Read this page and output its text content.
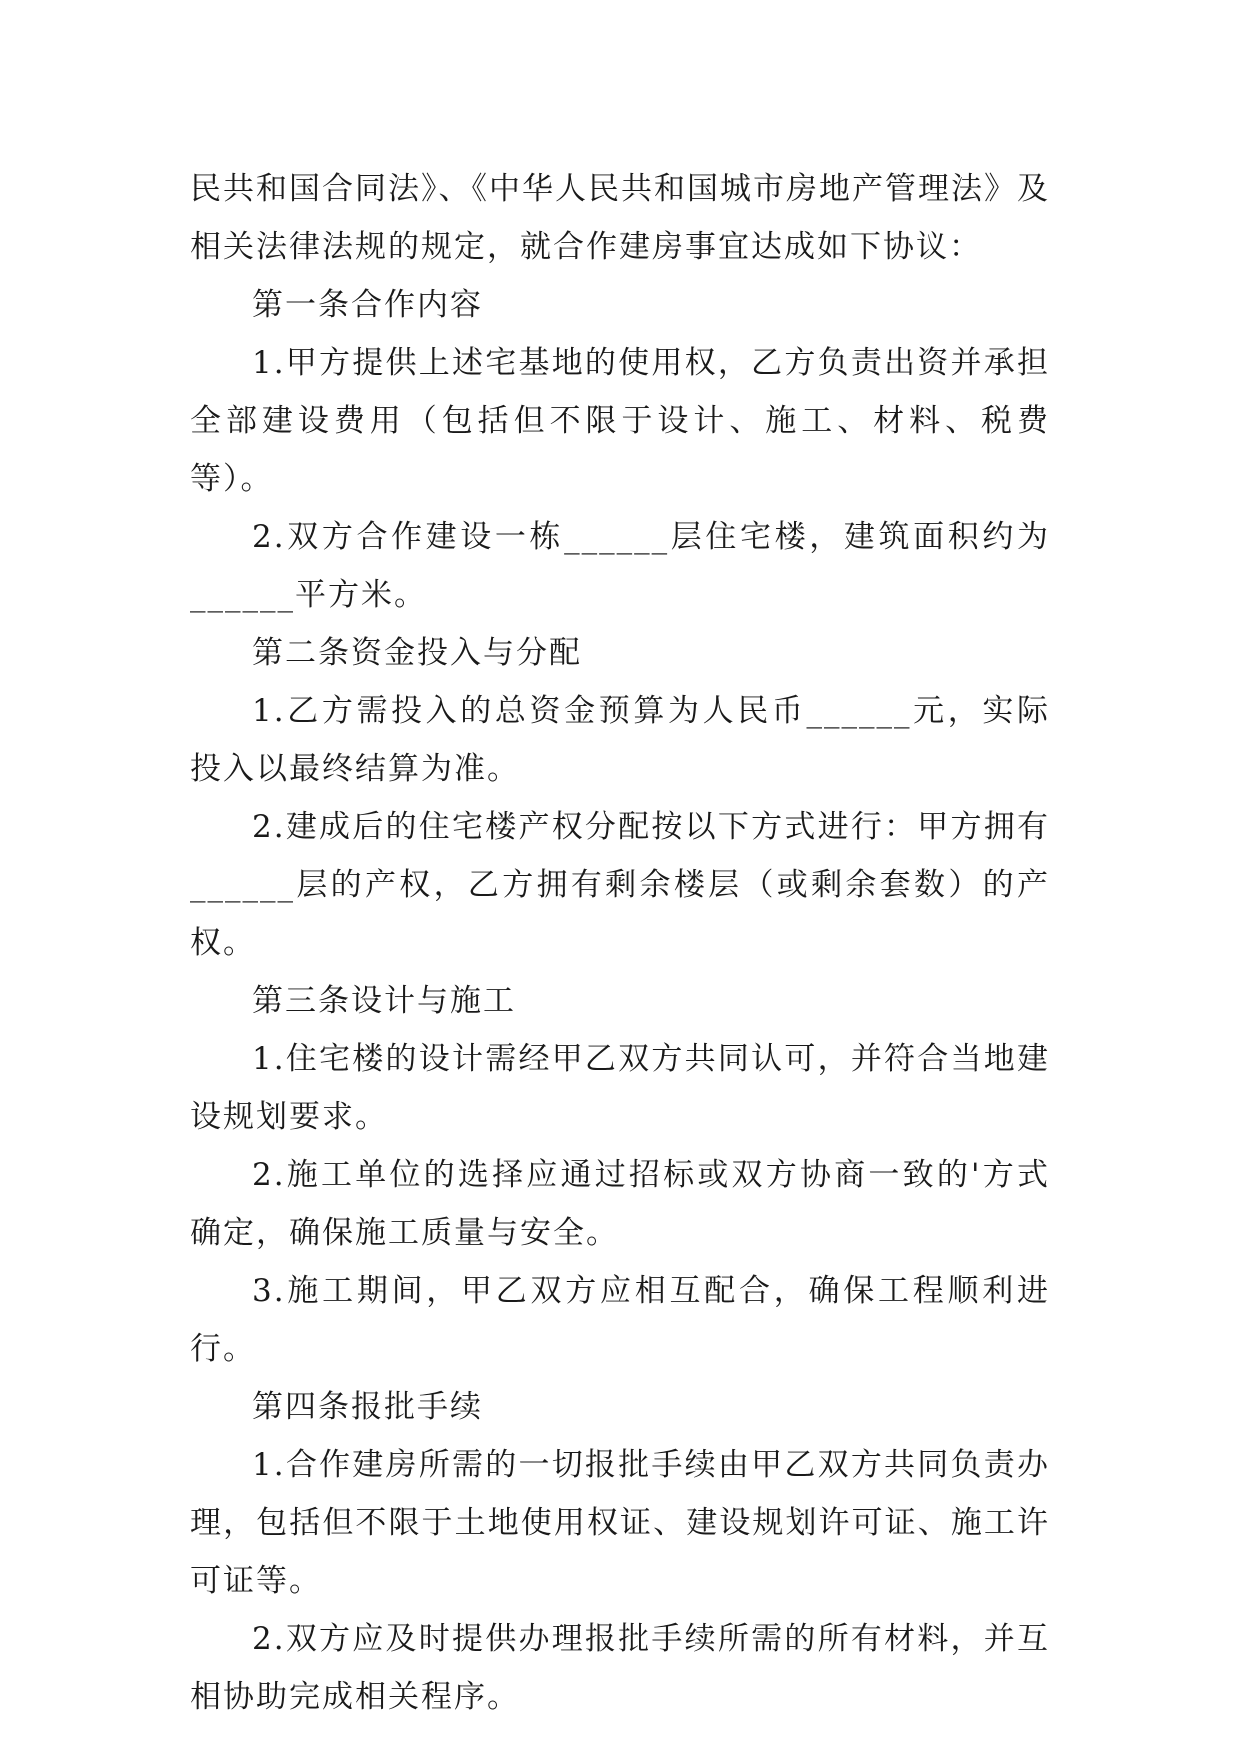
民共和国合同法》、《中华人民共和国城市房地产管理法》及相关法律法规的规定，就合作建房事宜达成如下协议：

第一条合作内容

1.甲方提供上述宅基地的使用权，乙方负责出资并承担全部建设费用（包括但不限于设计、施工、材料、税费等）。

2.双方合作建设一栋______层住宅楼，建筑面积约为______平方米。

第二条资金投入与分配

1.乙方需投入的总资金预算为人民币______元，实际投入以最终结算为准。

2.建成后的住宅楼产权分配按以下方式进行：甲方拥有______层的产权，乙方拥有剩余楼层（或剩余套数）的产权。

第三条设计与施工

1.住宅楼的设计需经甲乙双方共同认可，并符合当地建设规划要求。

2.施工单位的选择应通过招标或双方协商一致的'方式确定，确保施工质量与安全。

3.施工期间，甲乙双方应相互配合，确保工程顺利进行。

第四条报批手续

1.合作建房所需的一切报批手续由甲乙双方共同负责办理，包括但不限于土地使用权证、建设规划许可证、施工许可证等。

2.双方应及时提供办理报批手续所需的所有材料，并互相协助完成相关程序。
